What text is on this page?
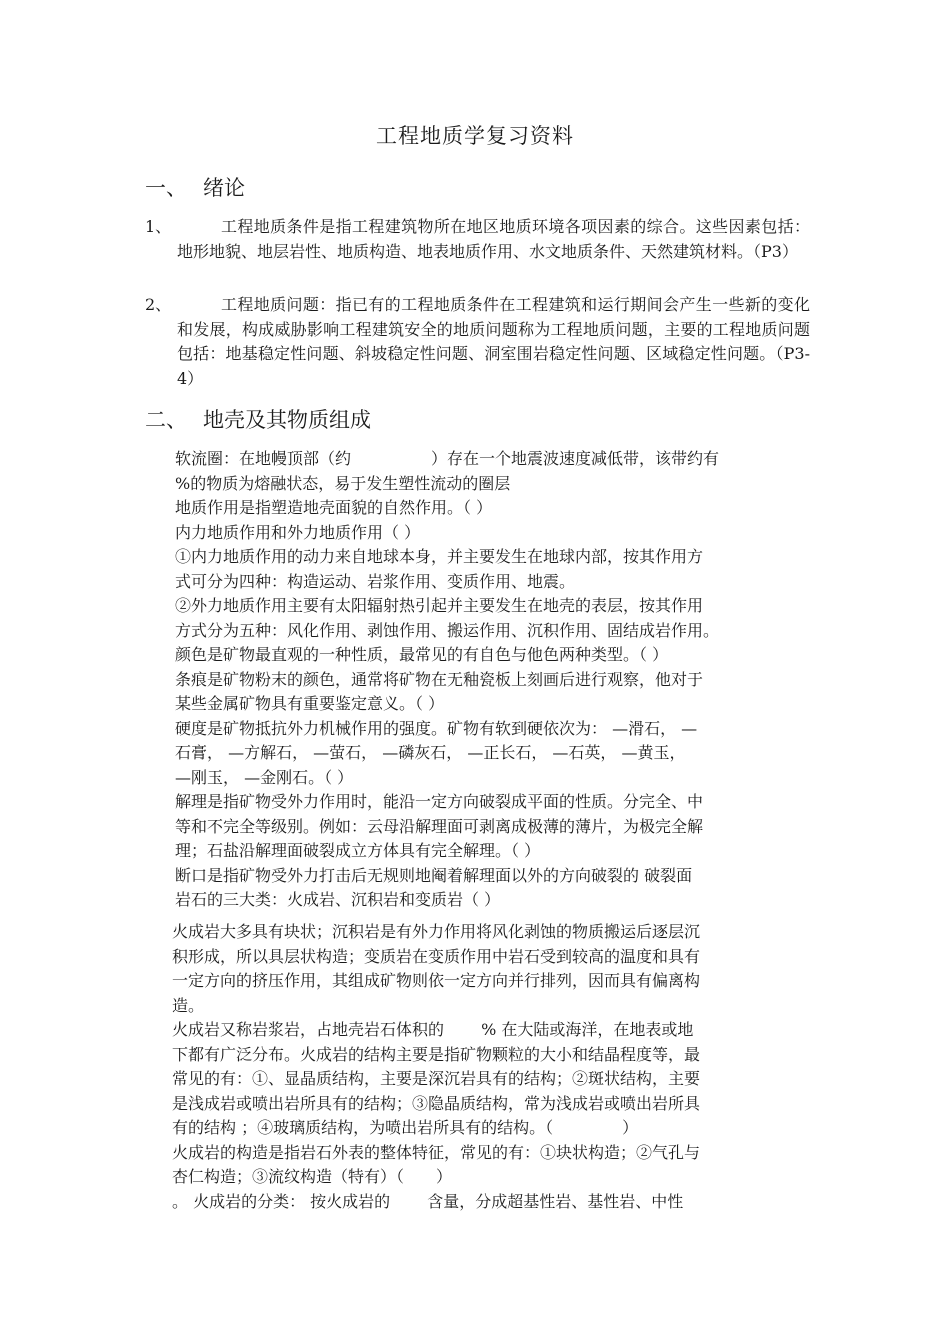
工程地质学复习资料
一、 绪论
1、	工程地质条件是指工程建筑物所在地区地质环境各项因素的综合。这些因素包括：地形地貌、地层岩性、地质构造、地表地质作用、水文地质条件、天然建筑材料。（P3）
2、	工程地质问题：指已有的工程地质条件在工程建筑和运行期间会产生一些新的变化和发展，构成威胁影响工程建筑安全的地质问题称为工程地质问题，主要的工程地质问题包括：地基稳定性问题、斜坡稳定性问题、洞室围岩稳定性问题、区域稳定性问题。（P3-4）
二、 地壳及其物质组成

软流圈：在地幔顶部（约　　　　　）存在一个地震波速度减低带，该带约有

%的物质为熔融状态，易于发生塑性流动的圈层

地质作用是指塑造地壳面貌的自然作用。（ ）

内力地质作用和外力地质作用（ ）

①内力地质作用的动力来自地球本身，并主要发生在地球内部，按其作用方

式可分为四种：构造运动、岩浆作用、变质作用、地震。

②外力地质作用主要有太阳辐射热引起并主要发生在地壳的表层，按其作用

方式分为五种：风化作用、剥蚀作用、搬运作用、沉积作用、固结成岩作用。

颜色是矿物最直观的一种性质，最常见的有自色与他色两种类型。（ ）

条痕是矿物粉末的颜色，通常将矿物在无釉瓷板上刻画后进行观察，他对于

某些金属矿物具有重要鉴定意义。（ ）

硬度是矿物抵抗外力机械作用的强度。矿物有软到硬依次为： —滑石， —

石膏， —方解石， —萤石， —磷灰石， —正长石， —石英， —黄玉，

—刚玉， —金刚石。（ ）

解理是指矿物受外力作用时，能沿一定方向破裂成平面的性质。分完全、中

等和不完全等级别。例如：云母沿解理面可剥离成极薄的薄片，为极完全解

理；石盐沿解理面破裂成立方体具有完全解理。（ ）

断口是指矿物受外力打击后无规则地阉着解理面以外的方向破裂的 破裂面

岩石的三大类：火成岩、沉积岩和变质岩（ ）

火成岩大多具有块状；沉积岩是有外力作用将风化剥蚀的物质搬运后逐层沉

积形成，所以具层状构造；变质岩在变质作用中岩石受到较高的温度和具有

一定方向的挤压作用，其组成矿物则依一定方向并行排列，因而具有偏离构

造。

火成岩又称岩浆岩，占地壳岩石体积的　　 % 在大陆或海洋，在地表或地

下都有广泛分布。火成岩的结构主要是指矿物颗粒的大小和结晶程度等，最

常见的有：①、显晶质结构，主要是深沉岩具有的结构；②斑状结构，主要

是浅成岩或喷出岩所具有的结构；③隐晶质结构，常为浅成岩或喷出岩所具

有的结构 ；④玻璃质结构，为喷出岩所具有的结构。（　　　　 ）

火成岩的构造是指岩石外表的整体特征，常见的有：①块状构造；②气孔与

杏仁构造；③流纹构造（特有）（　　）

。 火成岩的分类： 按火成岩的　　 含量，分成超基性岩、基性岩、中性
